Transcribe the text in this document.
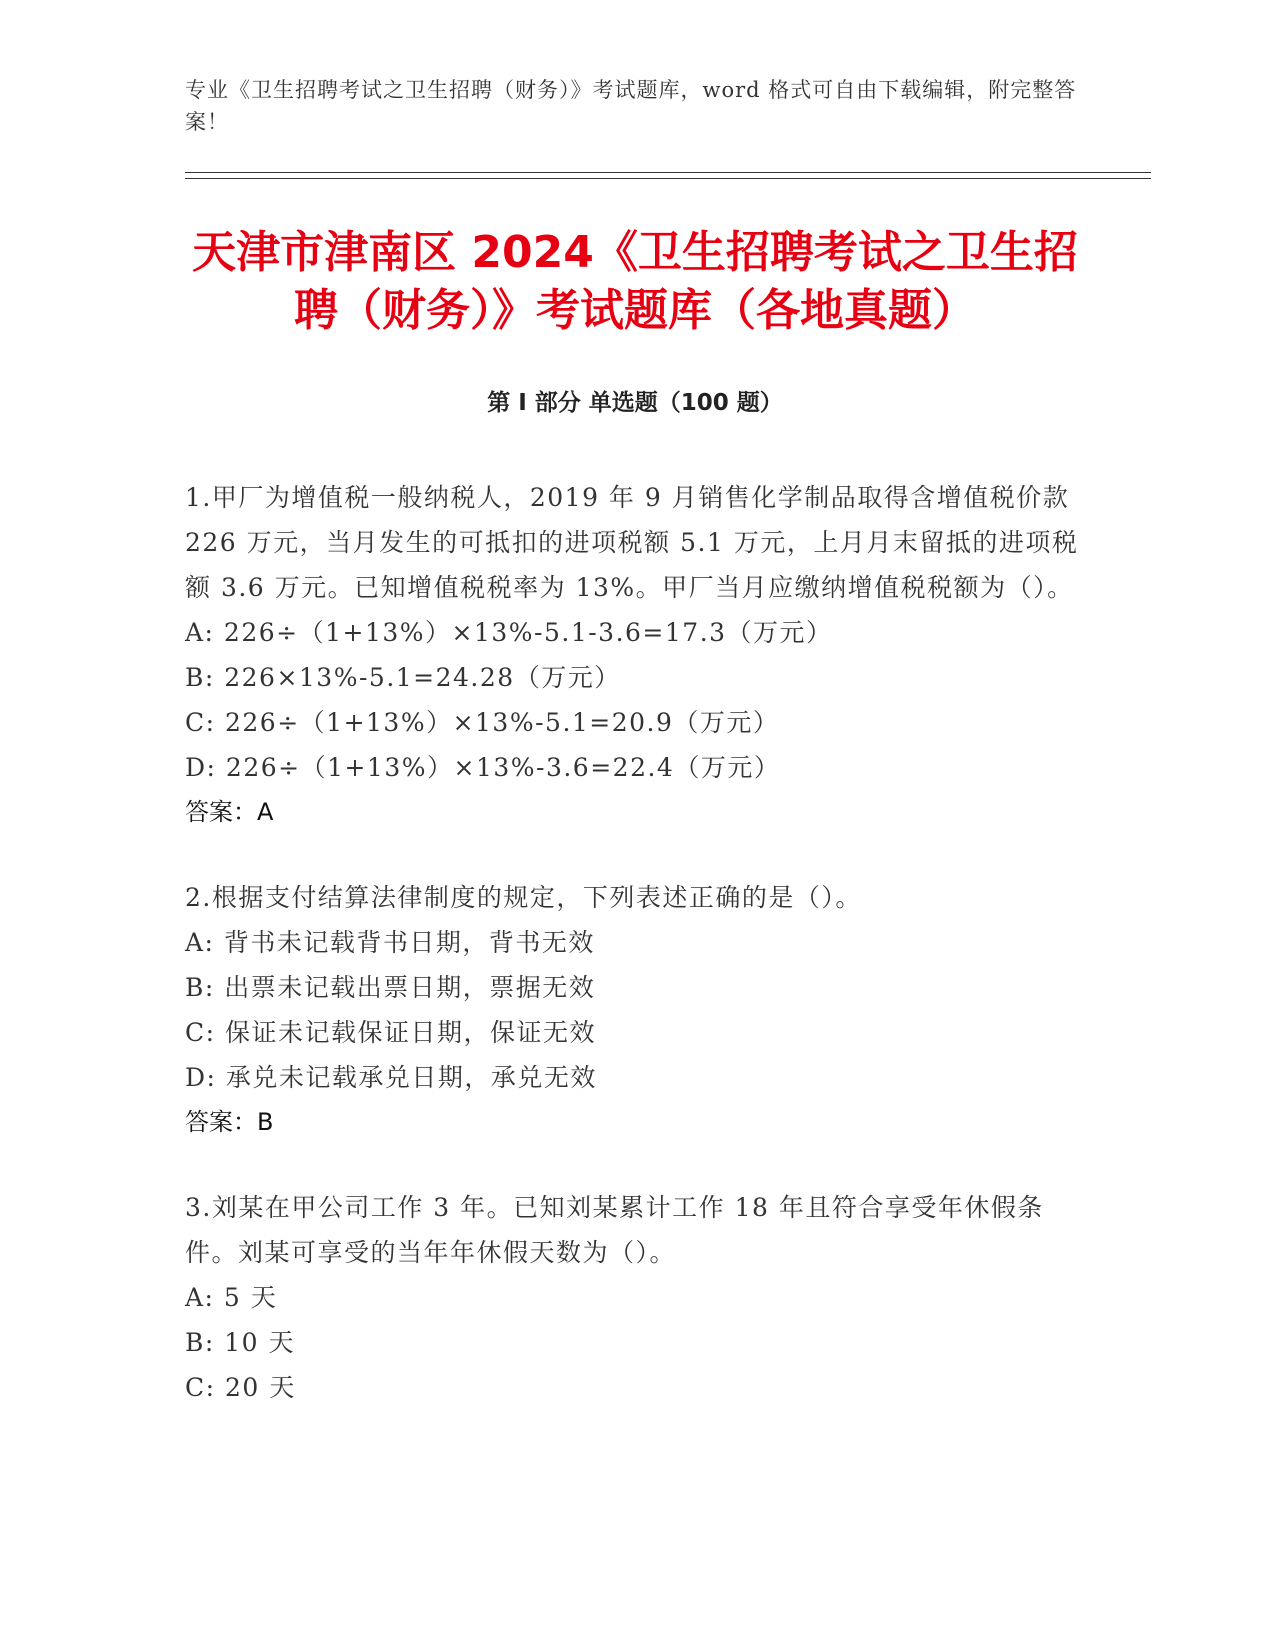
专业《卫生招聘考试之卫生招聘（财务）》考试题库，word 格式可自由下载编辑，附完整答案！
天津市津南区 2024《卫生招聘考试之卫生招聘（财务）》考试题库（各地真题）
第 I 部分 单选题（100 题）
1.甲厂为增值税一般纳税人，2019 年 9 月销售化学制品取得含增值税价款 226 万元，当月发生的可抵扣的进项税额 5.1 万元，上月月末留抵的进项税额 3.6 万元。已知增值税税率为 13%。甲厂当月应缴纳增值税税额为（）。
A: 226÷（1+13%）×13%-5.1-3.6=17.3（万元）
B: 226×13%-5.1=24.28（万元）
C: 226÷（1+13%）×13%-5.1=20.9（万元）
D: 226÷（1+13%）×13%-3.6=22.4（万元）
答案：A
2.根据支付结算法律制度的规定，下列表述正确的是（）。
A: 背书未记载背书日期，背书无效
B: 出票未记载出票日期，票据无效
C: 保证未记载保证日期，保证无效
D: 承兑未记载承兑日期，承兑无效
答案：B
3.刘某在甲公司工作 3 年。已知刘某累计工作 18 年且符合享受年休假条件。刘某可享受的当年年休假天数为（）。
A: 5 天
B: 10 天
C: 20 天
